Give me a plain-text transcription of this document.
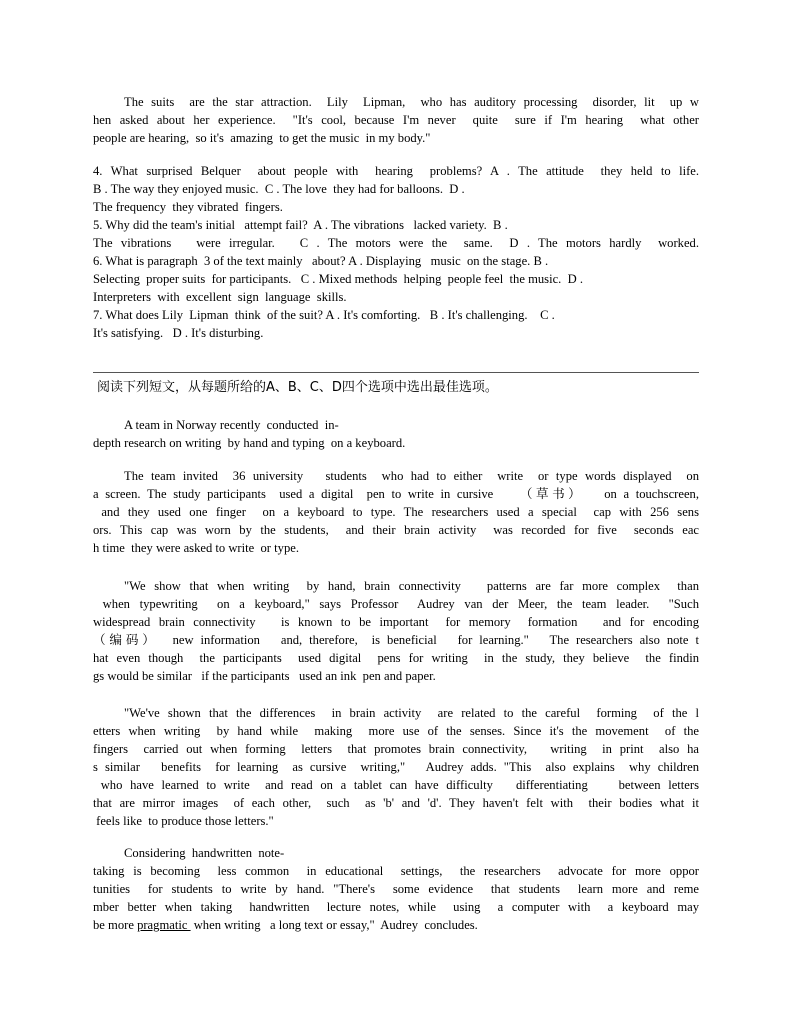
The suits  are the star attraction.  Lily  Lipman,  who has auditory processing  disorder, lit  up w
hen asked about her experience.  "It's cool, because I'm never  quite  sure if I'm hearing  what other
people are hearing,  so it's  amazing  to get the music  in my body."
4. What surprised Belquer  about people with  hearing  problems? A . The attitude  they held to life.
B . The way they enjoyed music.  C . The love  they had for balloons.  D .
The frequency  they vibrated  fingers.
5. Why did the team's initial   attempt fail?  A . The vibrations   lacked variety.  B .
The vibrations   were irregular.   C . The motors were the  same.  D . The motors hardly  worked.
6. What is paragraph  3 of the text mainly   about? A . Displaying   music  on the stage. B .
Selecting  proper suits  for participants.   C . Mixed methods  helping  people feel  the music.  D .
Interpreters  with  excellent  sign  language  skills.
7. What does Lily  Lipman  think  of the suit? A . It's comforting.   B . It's challenging.    C .
It's satisfying.   D . It's disturbing.
阅读下列短文，从每题所给的A、B、C、D四个选项中选出最佳选项。
A team in Norway recently  conducted  in-
depth research on writing  by hand and typing  on a keyboard.
The team invited  36 university   students  who had to either  write  or type words displayed  on
a screen. The study participants  used a digital  pen to write in cursive    （草书）   on a touchscreen,
and they used one finger  on a keyboard to type. The researchers used a special  cap with 256 sens
ors. This cap was worn by the students,  and their brain activity  was recorded for five  seconds eac
h time  they were asked to write  or type.
"We show that when writing  by hand, brain connectivity   patterns are far more complex  than
when typewriting  on a keyboard," says Professor  Audrey van der Meer, the team leader.  "Such
widespread brain connectivity   is known to be important  for memory  formation   and for encoding
（编码）  new information   and, therefore,  is beneficial   for learning."   The researchers also note t
hat even though  the participants  used digital  pens for writing  in the study, they believe  the findin
gs would be similar   if the participants   used an ink  pen and paper.
"We've shown that the differences  in brain activity  are related to the careful  forming  of the l
etters when writing  by hand while  making  more use of the senses. Since it's the movement  of the
fingers  carried out when forming  letters  that promotes brain connectivity,   writing  in print  also ha
s similar   benefits  for learning  as cursive  writing,"   Audrey adds. "This  also explains  why children
who have learned to write  and read on a tablet can have difficulty   differentiating    between letters
that are mirror images  of each other,  such  as 'b' and 'd'. They haven't felt with  their bodies what it
feels like  to produce those letters."
Considering  handwritten  note-
taking is becoming  less common  in educational  settings,  the researchers  advocate for more oppor
tunities  for students to write by hand. "There's  some evidence  that students  learn more and reme
mber better when taking  handwritten  lecture notes, while  using  a computer with  a keyboard may
be more pragmatic  when writing   a long text or essay,"  Audrey  concludes.
